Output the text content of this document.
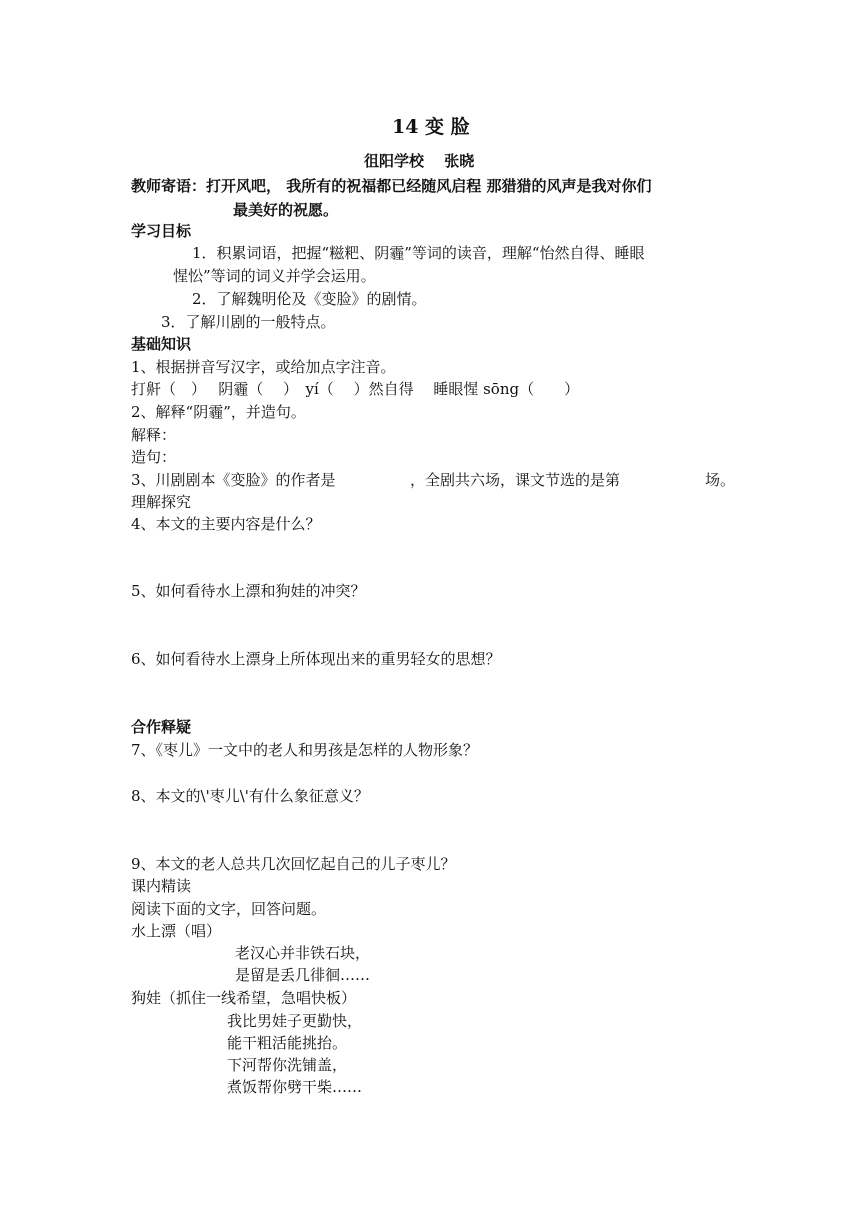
14 变 脸
徂阳学校　 张晓
教师寄语：打开风吧， 我所有的祝福都已经随风启程 那猎猎的风声是我对你们
最美好的祝愿。
学习目标
1．积累词语，把握“糍粑、阴霾”等词的读音，理解“怡然自得、睡眼
惺忪”等词的词义并学会运用。
2．了解魏明伦及《变脸》的剧情。
3．了解川剧的一般特点。
基础知识
1、根据拼音写汉字，或给加点字注音。
打鼾（　）　 阴霾（　 ）　yí（　 ）然自得　 睡眼惺 sōng（　　）
2、解释“阴霾”，并造句。
解释：
造句：
3、川剧剧本《变脸》的作者是	，全剧共六场，课文节选的是第	场。
理解探究
4、本文的主要内容是什么？
5、如何看待水上漂和狗娃的冲突？
6、如何看待水上漂身上所体现出来的重男轻女的思想？
合作释疑
7、《枣儿》一文中的老人和男孩是怎样的人物形象？
8、本文的\'枣儿\'有什么象征意义？
9、本文的老人总共几次回忆起自己的儿子枣儿？
课内精读
阅读下面的文字，回答问题。
水上漂（唱）
老汉心并非铁石块，
是留是丢几徘徊……
狗娃（抓住一线希望，急唱快板）
我比男娃子更勤快，
能干粗活能挑抬。
下河帮你洗铺盖，
煮饭帮你劈干柴……
